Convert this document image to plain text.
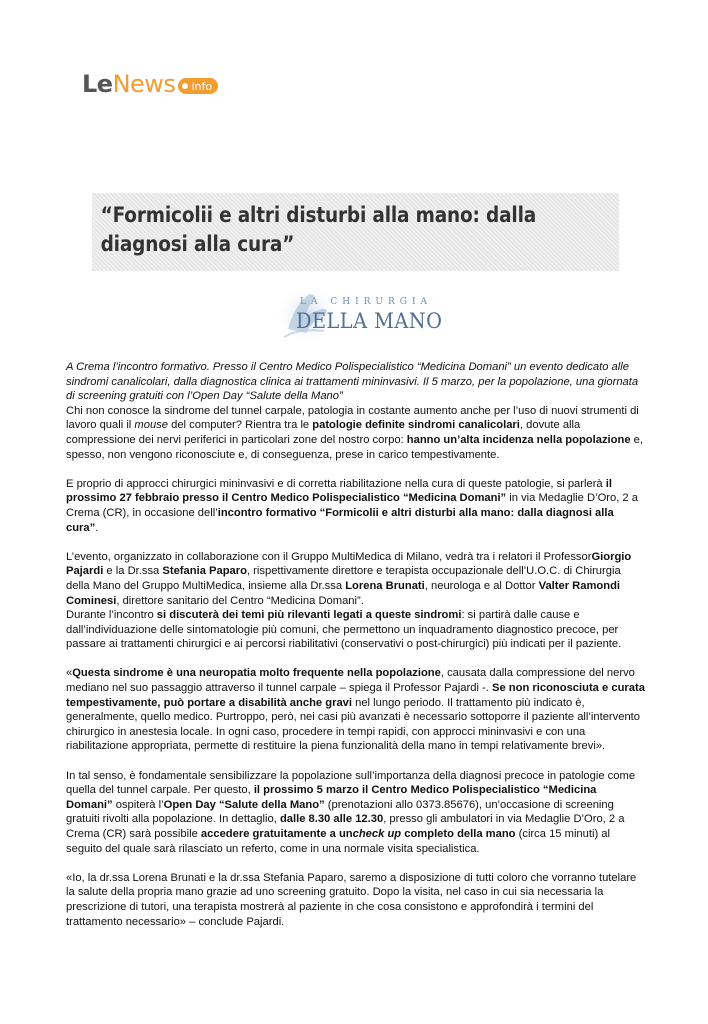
Le News info
“Formicolii e altri disturbi alla mano: dalla diagnosi alla cura”
LA CHIRURGIA
DELLA MANO

A Crema l’incontro formativo. Presso il Centro Medico Polispecialistico “Medicina Domani” un evento dedicato alle sindromi canalicolari, dalla diagnostica clinica ai trattamenti mininvasivi. Il 5 marzo, per la popolazione, una giornata di screening gratuiti con l’Open Day “Salute della Mano”

Chi non conosce la sindrome del tunnel carpale, patologia in costante aumento anche per l’uso di nuovi strumenti di lavoro quali il mouse del computer? Rientra tra le patologie definite sindromi canalicolari, dovute alla compressione dei nervi periferici in particolari zone del nostro corpo: hanno un’alta incidenza nella popolazione e, spesso, non vengono riconosciute e, di conseguenza, prese in carico tempestivamente.

E proprio di approcci chirurgici mininvasivi e di corretta riabilitazione nella cura di queste patologie, si parlerà il prossimo 27 febbraio presso il Centro Medico Polispecialistico “Medicina Domani” in via Medaglie D’Oro, 2 a Crema (CR), in occasione dell’incontro formativo “Formicolii e altri disturbi alla mano: dalla diagnosi alla cura”.

L’evento, organizzato in collaborazione con il Gruppo MultiMedica di Milano, vedrà tra i relatori il ProfessorGiorgio Pajardi e la Dr.ssa Stefania Paparo, rispettivamente direttore e terapista occupazionale dell’U.O.C. di Chirurgia della Mano del Gruppo MultiMedica, insieme alla Dr.ssa Lorena Brunati, neurologa e al Dottor Valter Ramondi Cominesi, direttore sanitario del Centro “Medicina Domani”.

Durante l’incontro si discuterà dei temi più rilevanti legati a queste sindromi: si partirà dalle cause e dall’individuazione delle sintomatologie più comuni, che permettono un inquadramento diagnostico precoce, per passare ai trattamenti chirurgici e ai percorsi riabilitativi (conservativi o post-chirurgici) più indicati per il paziente.

«Questa sindrome è una neuropatia molto frequente nella popolazione, causata dalla compressione del nervo mediano nel suo passaggio attraverso il tunnel carpale – spiega il Professor Pajardi -. Se non riconosciuta e curata tempestivamente, può portare a disabilità anche gravi nel lungo periodo. Il trattamento più indicato è, generalmente, quello medico. Purtroppo, però, nei casi più avanzati è necessario sottoporre il paziente all’intervento chirurgico in anestesia locale. In ogni caso, procedere in tempi rapidi, con approcci mininvasivi e con una riabilitazione appropriata, permette di restituire la piena funzionalità della mano in tempi relativamente brevi».

In tal senso, è fondamentale sensibilizzare la popolazione sull’importanza della diagnosi precoce in patologie come quella del tunnel carpale. Per questo, il prossimo 5 marzo il Centro Medico Polispecialistico “Medicina Domani” ospiterà l’Open Day “Salute della Mano” (prenotazioni allo 0373.85676), un’occasione di screening gratuiti rivolti alla popolazione. In dettaglio, dalle 8.30 alle 12.30, presso gli ambulatori in via Medaglie D’Oro, 2 a Crema (CR) sarà possibile accedere gratuitamente a uncheck up completo della mano (circa 15 minuti) al seguito del quale sarà rilasciato un referto, come in una normale visita specialistica.

«Io, la dr.ssa Lorena Brunati e la dr.ssa Stefania Paparo, saremo a disposizione di tutti coloro che vorranno tutelare la salute della propria mano grazie ad uno screening gratuito. Dopo la visita, nel caso in cui sia necessaria la prescrizione di tutori, una terapista mostrerà al paziente in che cosa consistono e approfondirà i termini del trattamento necessario» – conclude Pajardi.
